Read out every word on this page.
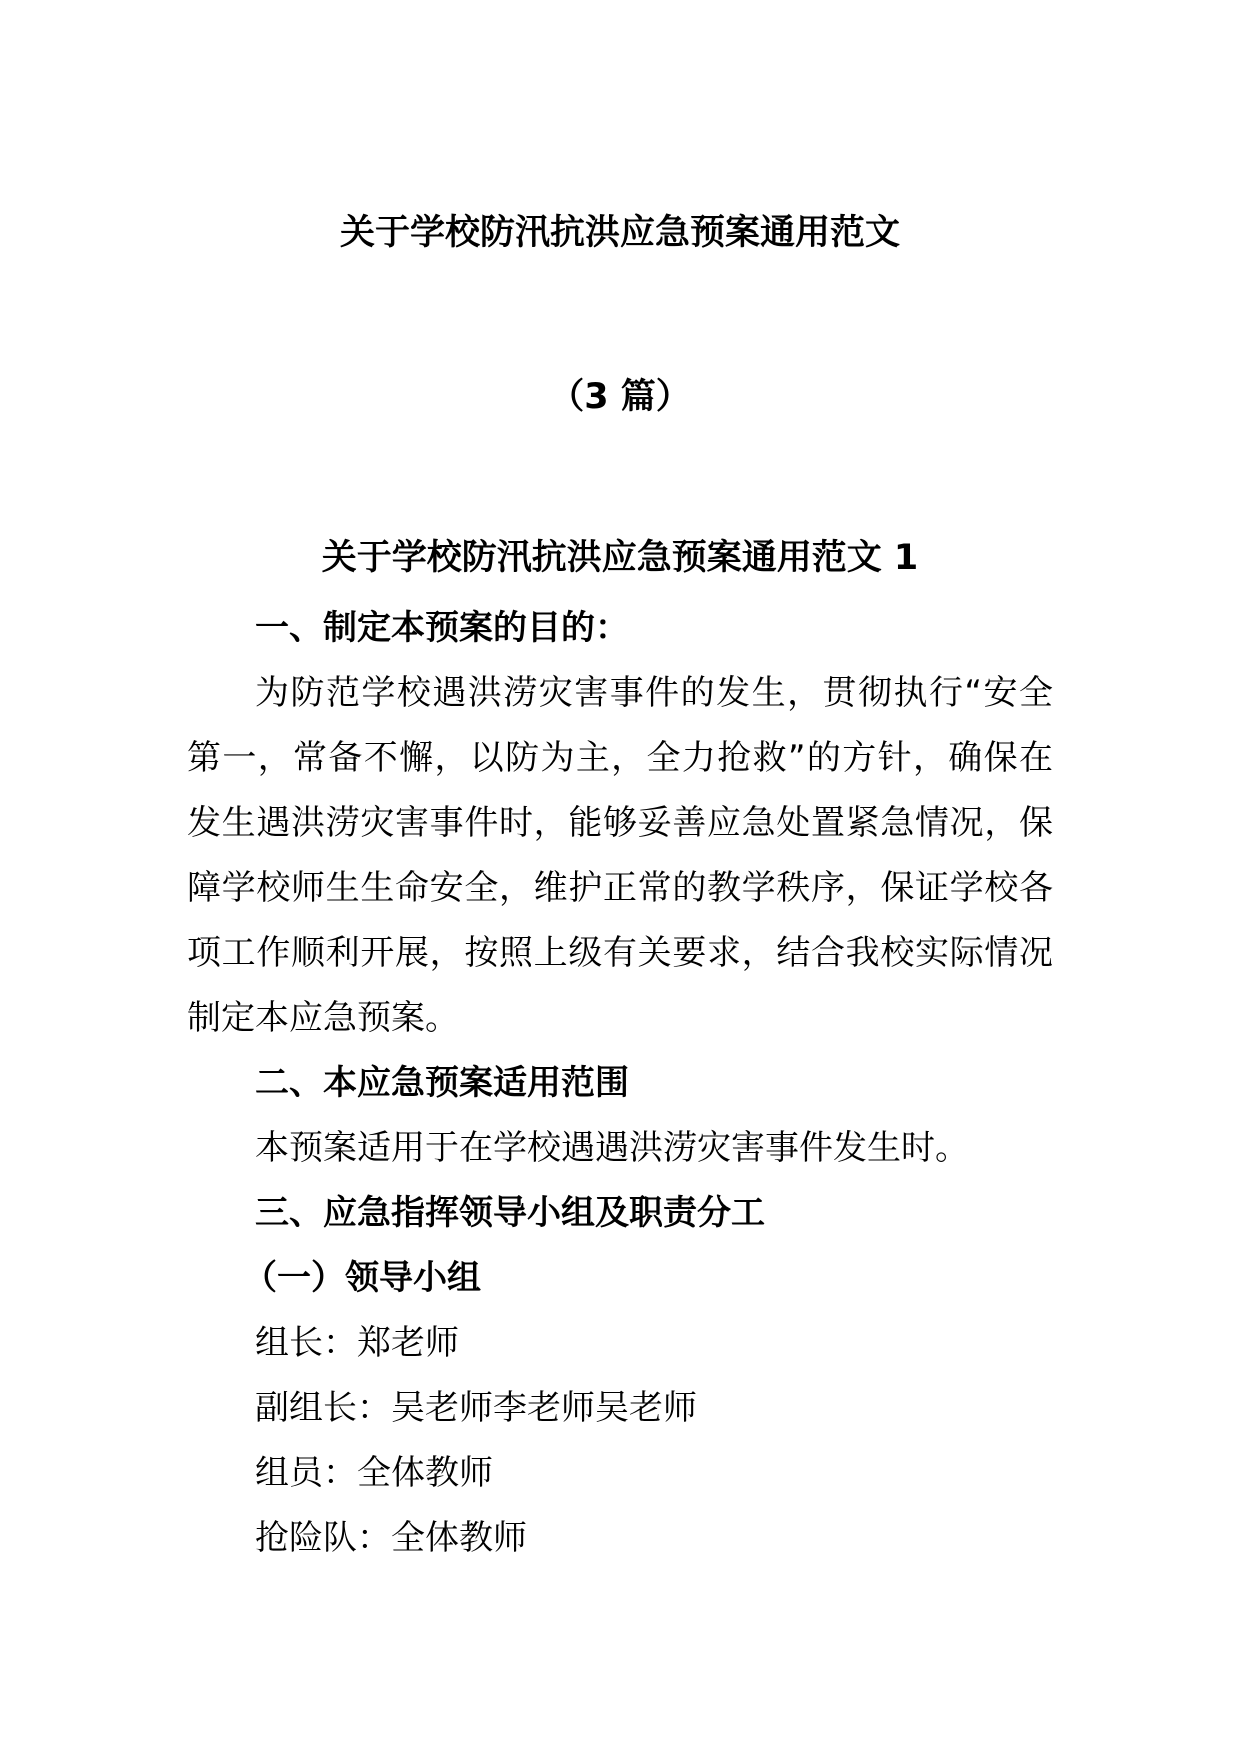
关于学校防汛抗洪应急预案通用范文
（3 篇）
关于学校防汛抗洪应急预案通用范文 1

一、制定本预案的目的：

为防范学校遇洪涝灾害事件的发生，贯彻执行“安全第一，常备不懈，以防为主，全力抢救”的方针，确保在发生遇洪涝灾害事件时，能够妥善应急处置紧急情况，保障学校师生生命安全，维护正常的教学秩序，保证学校各项工作顺利开展，按照上级有关要求，结合我校实际情况制定本应急预案。

二、本应急预案适用范围

本预案适用于在学校遇遇洪涝灾害事件发生时。

三、应急指挥领导小组及职责分工

（一）领导小组

组长：郑老师

副组长：吴老师李老师吴老师

组员：全体教师

抢险队：全体教师
